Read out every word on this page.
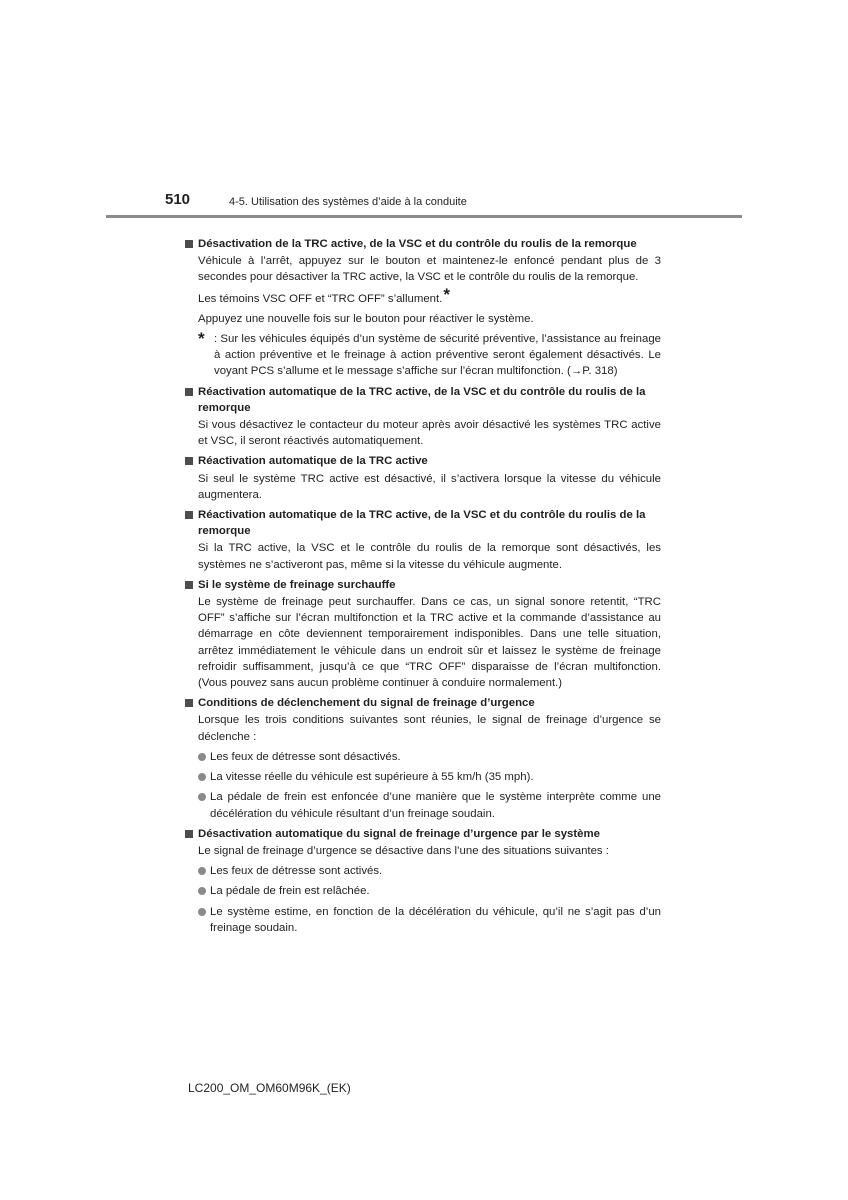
510	4-5. Utilisation des systèmes d’aide à la conduite
Désactivation de la TRC active, de la VSC et du contrôle du roulis de la remorque

Véhicule à l’arrêt, appuyez sur le bouton et maintenez-le enfoncé pendant plus de 3 secondes pour désactiver la TRC active, la VSC et le contrôle du roulis de la remorque.

Les témoins VSC OFF et “TRC OFF” s’allument.*

Appuyez une nouvelle fois sur le bouton pour réactiver le système.

* : Sur les véhicules équipés d’un système de sécurité préventive, l’assistance au freinage à action préventive et le freinage à action préventive seront également désactivés. Le voyant PCS s’allume et le message s’affiche sur l’écran multifonction. (→P. 318)
Réactivation automatique de la TRC active, de la VSC et du contrôle du roulis de la remorque

Si vous désactivez le contacteur du moteur après avoir désactivé les systèmes TRC active et VSC, il seront réactivés automatiquement.

Réactivation automatique de la TRC active

Si seul le système TRC active est désactivé, il s’activera lorsque la vitesse du véhicule augmentera.

Réactivation automatique de la TRC active, de la VSC et du contrôle du roulis de la remorque

Si la TRC active, la VSC et le contrôle du roulis de la remorque sont désactivés, les systèmes ne s’activeront pas, même si la vitesse du véhicule augmente.

Si le système de freinage surchauffe

Le système de freinage peut surchauffer. Dans ce cas, un signal sonore retentit, “TRC OFF” s’affiche sur l’écran multifonction et la TRC active et la commande d’assistance au démarrage en côte deviennent temporairement indisponibles. Dans une telle situation, arrêtez immédiatement le véhicule dans un endroit sûr et laissez le système de freinage refroidir suffisamment, jusqu’à ce que “TRC OFF” disparaisse de l’écran multifonction. (Vous pouvez sans aucun problème continuer à conduire normalement.)

Conditions de déclenchement du signal de freinage d’urgence

Lorsque les trois conditions suivantes sont réunies, le signal de freinage d’urgence se déclenche :

Les feux de détresse sont désactivés.
La vitesse réelle du véhicule est supérieure à 55 km/h (35 mph).
La pédale de frein est enfoncée d’une manière que le système interprète comme une décélération du véhicule résultant d’un freinage soudain.
Désactivation automatique du signal de freinage d’urgence par le système

Le signal de freinage d’urgence se désactive dans l’une des situations suivantes :

Les feux de détresse sont activés.
La pédale de frein est relâchée.
Le système estime, en fonction de la décélération du véhicule, qu’il ne s’agit pas d’un freinage soudain.
LC200_OM_OM60M96K_(EK)
